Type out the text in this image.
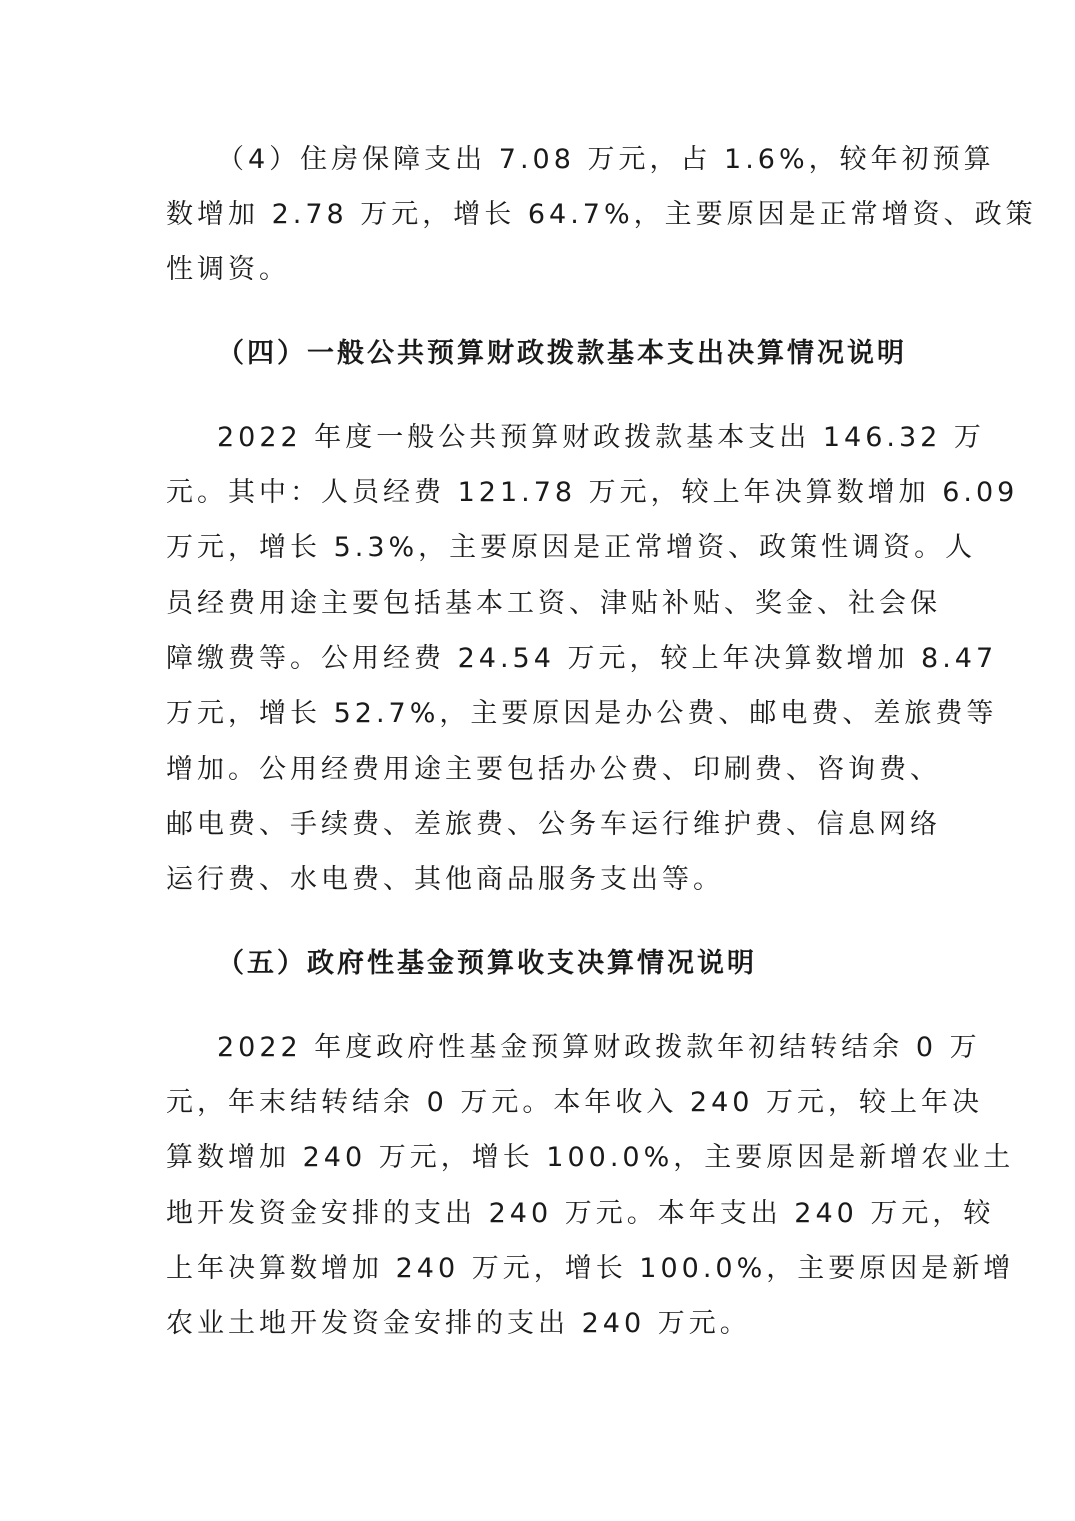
（4）住房保障支出 7.08 万元，占 1.6%，较年初预算
数增加 2.78 万元，增长 64.7%，主要原因是正常增资、政策
性调资。
（四）一般公共预算财政拨款基本支出决算情况说明
2022 年度一般公共预算财政拨款基本支出 146.32 万
元。其中：人员经费 121.78 万元，较上年决算数增加 6.09
万元，增长 5.3%，主要原因是正常增资、政策性调资。人
员经费用途主要包括基本工资、津贴补贴、奖金、社会保
障缴费等。公用经费 24.54 万元，较上年决算数增加 8.47
万元，增长 52.7%，主要原因是办公费、邮电费、差旅费等
增加。公用经费用途主要包括办公费、印刷费、咨询费、
邮电费、手续费、差旅费、公务车运行维护费、信息网络
运行费、水电费、其他商品服务支出等。
（五）政府性基金预算收支决算情况说明
2022 年度政府性基金预算财政拨款年初结转结余 0 万
元，年末结转结余 0 万元。本年收入 240 万元，较上年决
算数增加 240 万元，增长 100.0%，主要原因是新增农业土
地开发资金安排的支出 240 万元。本年支出 240 万元，较
上年决算数增加 240 万元，增长 100.0%，主要原因是新增
农业土地开发资金安排的支出 240 万元。
